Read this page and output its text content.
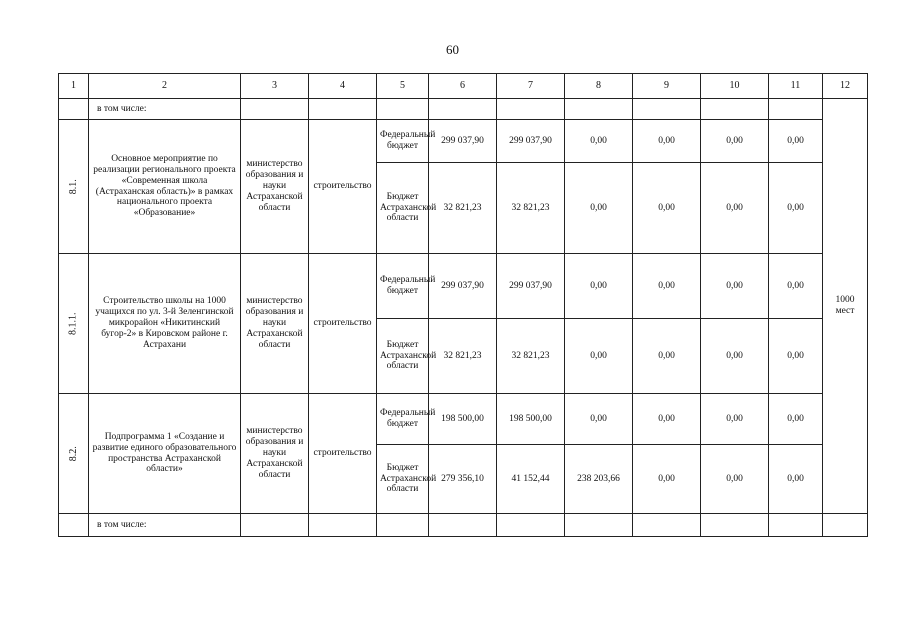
60
1	2	3	4	5	6	7	8	9	10	11	12
	в том числе:										1000 мест
8.1.	Основное мероприятие по реализации регионального проекта «Современная школа (Астраханская область)» в рамках национального проекта «Образование»	министерство образования и науки Астраханской области	строительство	Федеральный бюджет	299 037,90	299 037,90	0,00	0,00	0,00	0,00	
				Бюджет Астраханской области	32 821,23	32 821,23	0,00	0,00	0,00	0,00	
8.1.1.	Строительство школы на 1000 учащихся по ул. 3-й Зеленгинской микрорайон «Никитинский бугор-2» в Кировском районе г. Астрахани	министерство образования и науки Астраханской области	строительство	Федеральный бюджет	299 037,90	299 037,90	0,00	0,00	0,00	0,00	
				Бюджет Астраханской области	32 821,23	32 821,23	0,00	0,00	0,00	0,00	
8.2.	Подпрограмма 1 «Создание и развитие единого образовательного пространства Астраханской области»	министерство образования и науки Астраханской области	строительство	Федеральный бюджет	198 500,00	198 500,00	0,00	0,00	0,00	0,00	
				Бюджет Астраханской области	279 356,10	41 152,44	238 203,66	0,00	0,00	0,00	
	в том числе:										
